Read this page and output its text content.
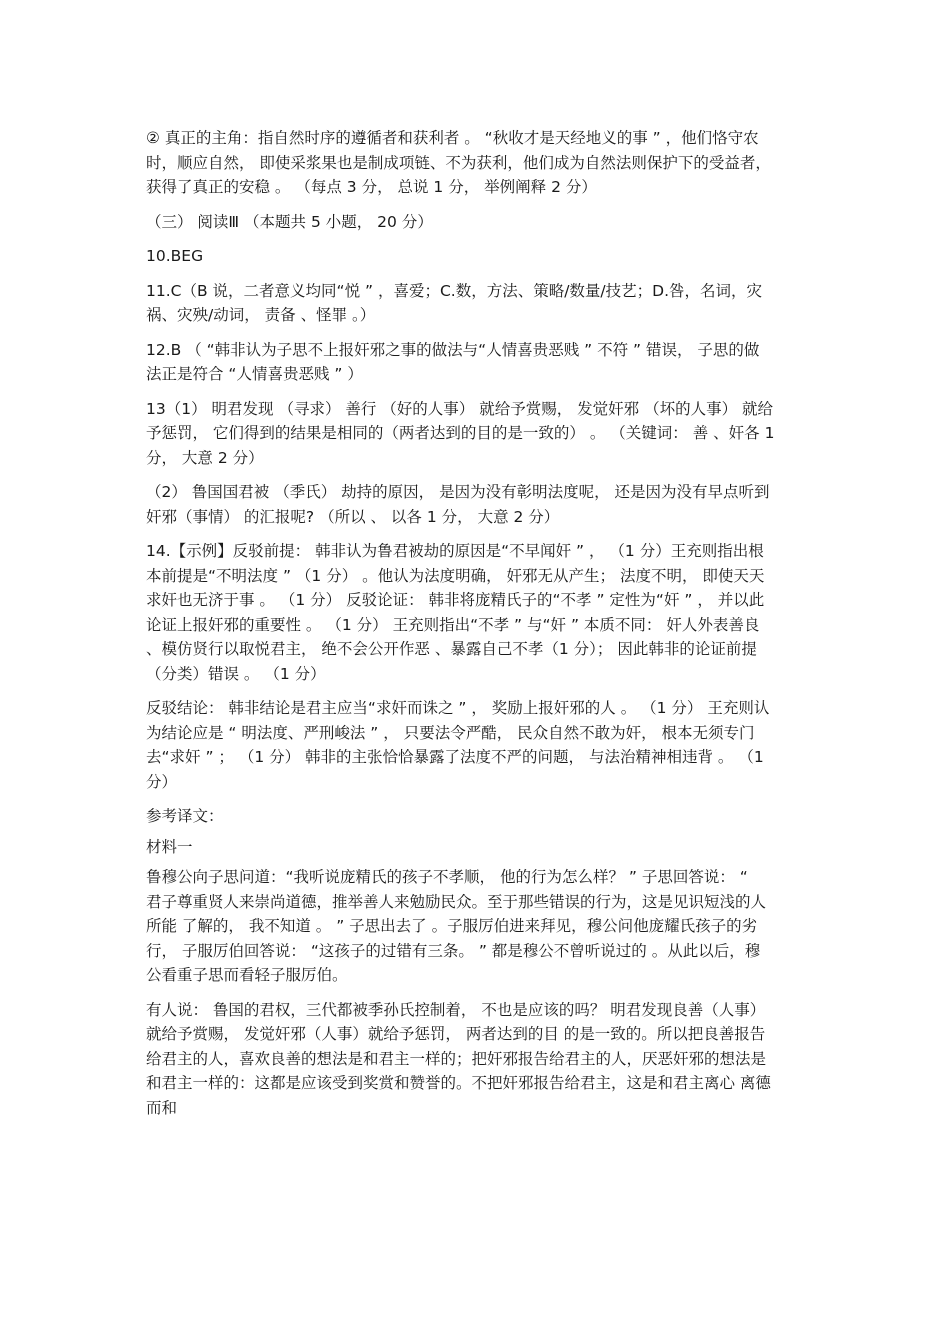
② 真正的主角：指自然时序的遵循者和获利者 。 “秋收才是天经地义的事 ” ，他们恪守农
时，顺应自然， 即使采浆果也是制成项链、不为获利，他们成为自然法则保护下的受益者，
获得了真正的安稳 。 （每点 3 分， 总说 1 分， 举例阐释 2 分）
（三） 阅读Ⅲ （本题共 5 小题， 20 分）
10.BEG
11.C（B 说，二者意义均同“悦 ” ，喜爱；C.数，方法、策略/数量/技艺；D.咎，名词，灾
祸、灾殃/动词， 责备 、怪罪 。）
12.B （ “韩非认为子思不上报奸邪之事的做法与“人情喜贵恶贱 ” 不符 ” 错误， 子思的做
法正是符合 “人情喜贵恶贱 ” ）
13（1） 明君发现 （寻求） 善行 （好的人事） 就给予赏赐， 发觉奸邪 （坏的人事） 就给
予惩罚， 它们得到的结果是相同的（两者达到的目的是一致的） 。 （关键词： 善 、奸各 1
分， 大意 2 分）
（2） 鲁国国君被 （季氏） 劫持的原因， 是因为没有彰明法度呢， 还是因为没有早点听到
奸邪（事情） 的汇报呢? （所以 、 以各 1 分， 大意 2 分）
14.【示例】反驳前提： 韩非认为鲁君被劫的原因是“不早闻奸 ” ， （1 分）王充则指出根
本前提是“不明法度 ” （1 分） 。他认为法度明确， 奸邪无从产生； 法度不明， 即使天天
求奸也无济于事 。 （1 分） 反驳论证： 韩非将庞精氏子的“不孝 ” 定性为“奸 ” ， 并以此
论证上报奸邪的重要性 。 （1 分） 王充则指出“不孝 ” 与“奸 ” 本质不同： 奸人外表善良
、模仿贤行以取悦君主， 绝不会公开作恶 、暴露自己不孝（1 分）； 因此韩非的论证前提
（分类）错误 。 （1 分）
反驳结论： 韩非结论是君主应当“求奸而诛之 ” ， 奖励上报奸邪的人 。 （1 分） 王充则认
为结论应是 “ 明法度、严刑峻法 ” ， 只要法令严酷， 民众自然不敢为奸， 根本无须专门
去“求奸 ” ； （1 分） 韩非的主张恰恰暴露了法度不严的问题， 与法治精神相违背 。 （1
分）
参考译文：
材料一
鲁穆公向子思问道：“我听说庞精氏的孩子不孝顺， 他的行为怎么样？ ” 子思回答说： “
君子尊重贤人来崇尚道德，推举善人来勉励民众。至于那些错误的行为，这是见识短浅的人
所能 了解的， 我不知道 。 ” 子思出去了 。子服厉伯进来拜见，穆公问他庞耀氏孩子的劣
行， 子服厉伯回答说： “这孩子的过错有三条。 ” 都是穆公不曾听说过的 。从此以后，穆
公看重子思而看轻子服厉伯。
有人说： 鲁国的君权，三代都被季孙氏控制着， 不也是应该的吗？ 明君发现良善（人事）
就给予赏赐， 发觉奸邪（人事）就给予惩罚， 两者达到的目 的是一致的。所以把良善报告
给君主的人，喜欢良善的想法是和君主一样的；把奸邪报告给君主的人，厌恶奸邪的想法是
和君主一样的：这都是应该受到奖赏和赞誉的。不把奸邪报告给君主，这是和君主离心 离德
而和
